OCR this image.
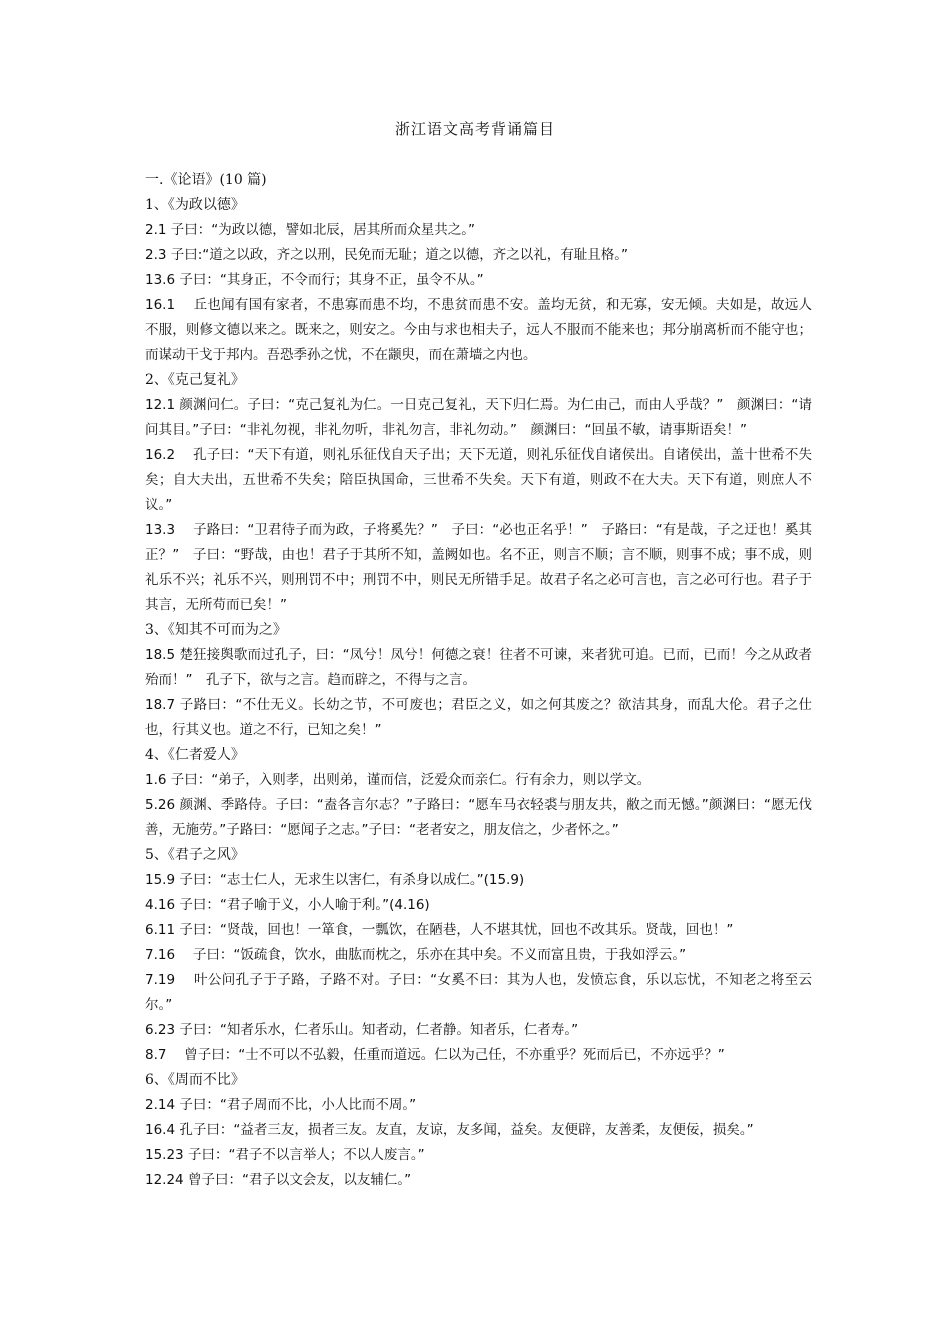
浙江语文高考背诵篇目
一.《论语》(10 篇)
1、《为政以德》
2.1 子曰：“为政以德，譬如北辰，居其所而众星共之。”
2.3 子曰:“道之以政，齐之以刑，民免而无耻；道之以德，齐之以礼，有耻且格。”
13.6 子曰：“其身正，不令而行；其身不正，虽令不从。”
16.1　 丘也闻有国有家者，不患寡而患不均，不患贫而患不安。盖均无贫，和无寡，安无倾。夫如是，故远人不服，则修文德以来之。既来之，则安之。今由与求也相夫子，远人不服而不能来也；邦分崩离析而不能守也；而谋动干戈于邦内。吾恐季孙之忧，不在颛臾，而在萧墙之内也。
2、《克己复礼》
12.1 颜渊问仁。子曰：“克己复礼为仁。一日克己复礼，天下归仁焉。为仁由己，而由人乎哉？”　颜渊曰：“请问其目。”子曰：“非礼勿视，非礼勿听，非礼勿言，非礼勿动。”　颜渊曰：“回虽不敏，请事斯语矣！”
16.2　 孔子曰：“天下有道，则礼乐征伐自天子出；天下无道，则礼乐征伐自诸侯出。自诸侯出，盖十世希不失矣；自大夫出，五世希不失矣；陪臣执国命，三世希不失矣。天下有道，则政不在大夫。天下有道，则庶人不议。”
13.3　 子路曰：“卫君待子而为政，子将奚先？”　子曰：“必也正名乎！”　子路曰：“有是哉，子之迂也！奚其正？”　子曰：“野哉，由也！君子于其所不知，盖阙如也。名不正，则言不顺；言不顺，则事不成；事不成，则礼乐不兴；礼乐不兴，则刑罚不中；刑罚不中，则民无所错手足。故君子名之必可言也，言之必可行也。君子于其言，无所苟而已矣！”
3、《知其不可而为之》
18.5 楚狂接舆歌而过孔子，曰：“凤兮！凤兮！何德之衰！往者不可谏，来者犹可追。已而，已而！今之从政者殆而！”　孔子下，欲与之言。趋而辟之，不得与之言。
18.7 子路曰：“不仕无义。长幼之节，不可废也；君臣之义，如之何其废之？欲洁其身，而乱大伦。君子之仕也，行其义也。道之不行，已知之矣！”
4、《仁者爱人》
1.6 子曰：“弟子，入则孝，出则弟，谨而信，泛爱众而亲仁。行有余力，则以学文。
5.26 颜渊、季路侍。子曰：“盍各言尔志？”子路曰：“愿车马衣轻裘与朋友共，敝之而无憾。”颜渊曰：“愿无伐善，无施劳。”子路曰：“愿闻子之志。”子曰：“老者安之，朋友信之，少者怀之。”
5、《君子之风》
15.9 子曰：“志士仁人，无求生以害仁，有杀身以成仁。”(15.9)
4.16 子曰：“君子喻于义，小人喻于利。”(4.16)
6.11 子曰：“贤哉，回也！一箪食，一瓢饮，在陋巷，人不堪其忧，回也不改其乐。贤哉，回也！”
7.16　 子曰：“饭疏食，饮水，曲肱而枕之，乐亦在其中矣。不义而富且贵，于我如浮云。”
7.19　 叶公问孔子于子路，子路不对。子曰：“女奚不曰：其为人也，发愤忘食，乐以忘忧，不知老之将至云尔。”
6.23 子曰：“知者乐水，仁者乐山。知者动，仁者静。知者乐，仁者寿。”
8.7　 曾子曰：“士不可以不弘毅，任重而道远。仁以为己任，不亦重乎？死而后已，不亦远乎？”
6、《周而不比》
2.14 子曰：“君子周而不比，小人比而不周。”
16.4 孔子曰：“益者三友，损者三友。友直，友谅，友多闻，益矣。友便辟，友善柔，友便佞，损矣。”
15.23 子曰：“君子不以言举人；不以人废言。”
12.24 曾子曰：“君子以文会友，以友辅仁。”
